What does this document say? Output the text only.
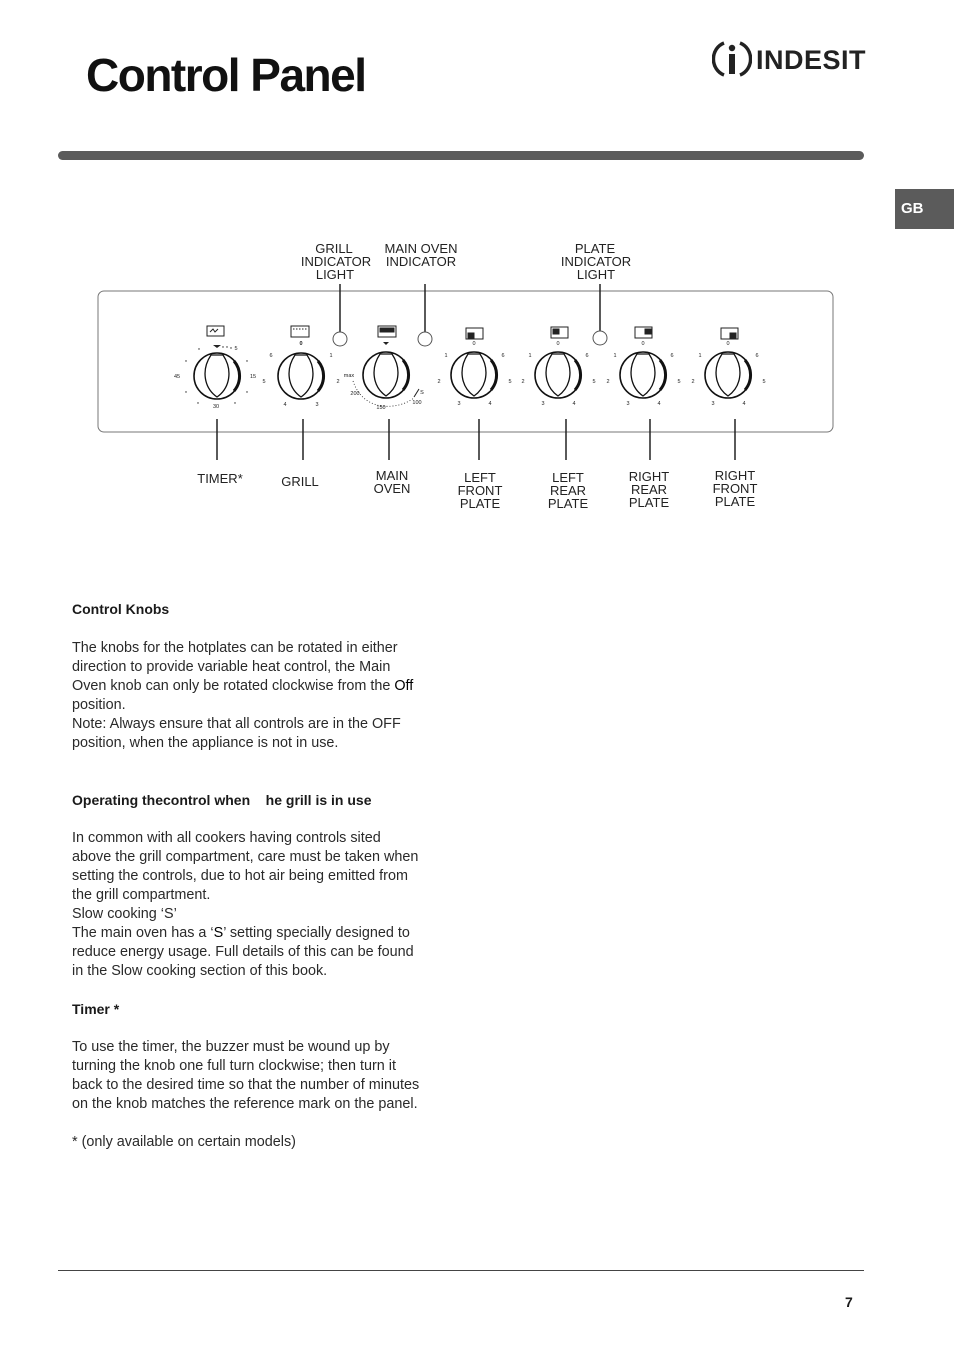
Control Panel	INDESIT
GB
GRILL
INDICATOR
LIGHT
MAIN OVEN
INDICATOR
PLATE
INDICATOR
LIGHT
5
45	15
30
0
6	1
5	2
4	3
max
S
200
150
100
0
1	6
2	5
3	4
0
1	6
2	5
3	4
0
1	6
2	5
3	4
0
1	6
2	5
3	4
TIMER*	GRILL	MAIN
OVEN
LEFT
FRONT
PLATE
LEFT
REAR
PLATE
RIGHT
REAR
PLATE
RIGHT
FRONT
PLATE
Control Knobs

The knobs for the hotplates can be rotated in either

direction to provide variable heat control, the Main

Oven knob can only be rotated clockwise from the Off

position.

Note: Always ensure that all controls are in the OFF

position, when the appliance is not in use.

Operating thecontrol when    he grill is in use

In common with all cookers having controls sited

above the grill compartment, care must be taken when

setting the controls, due to hot air being emitted from

the grill compartment.

Slow cooking ‘S’

The main oven has a ‘S’ setting specially designed to

reduce energy usage. Full details of this can be found

in the Slow cooking section of this book.

Timer *

To use the timer, the buzzer must be wound up by

turning the knob one full turn clockwise; then turn it

back to the desired time so that the number of minutes

on the knob matches the reference mark on the panel.

* (only available on certain models)

7
